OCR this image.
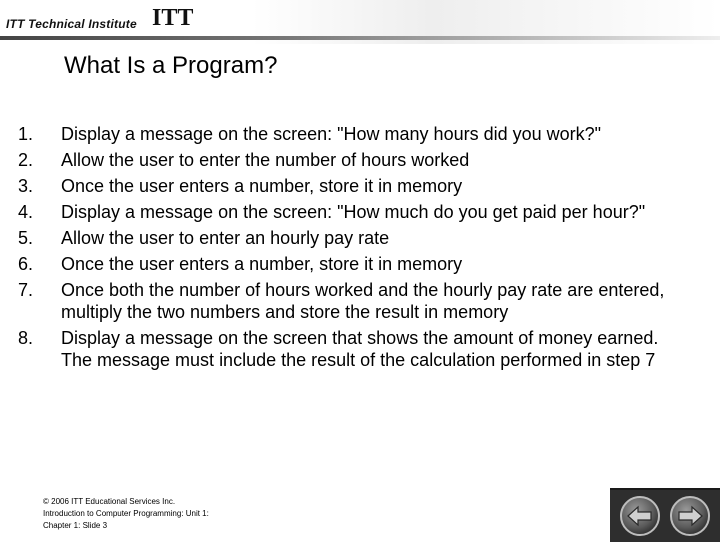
ITT Technical Institute ITT
What Is a Program?
1.	Display a message on the screen: "How many hours did you work?"
2.	Allow the user to enter the number of hours worked
3.	Once the user enters a number, store it in memory
4.	Display a message on the screen: "How much do you get paid per hour?"
5.	Allow the user to enter an hourly pay rate
6.	Once the user enters a number, store it in memory
7.	Once both the number of hours worked and the hourly pay rate are entered, multiply the two numbers and store the result in memory
8.	Display a message on the screen that shows the amount of money earned. The message must include the result of the calculation performed in step 7
© 2006 ITT Educational Services Inc.
Introduction to Computer Programming: Unit 1:
Chapter 1: Slide 3
